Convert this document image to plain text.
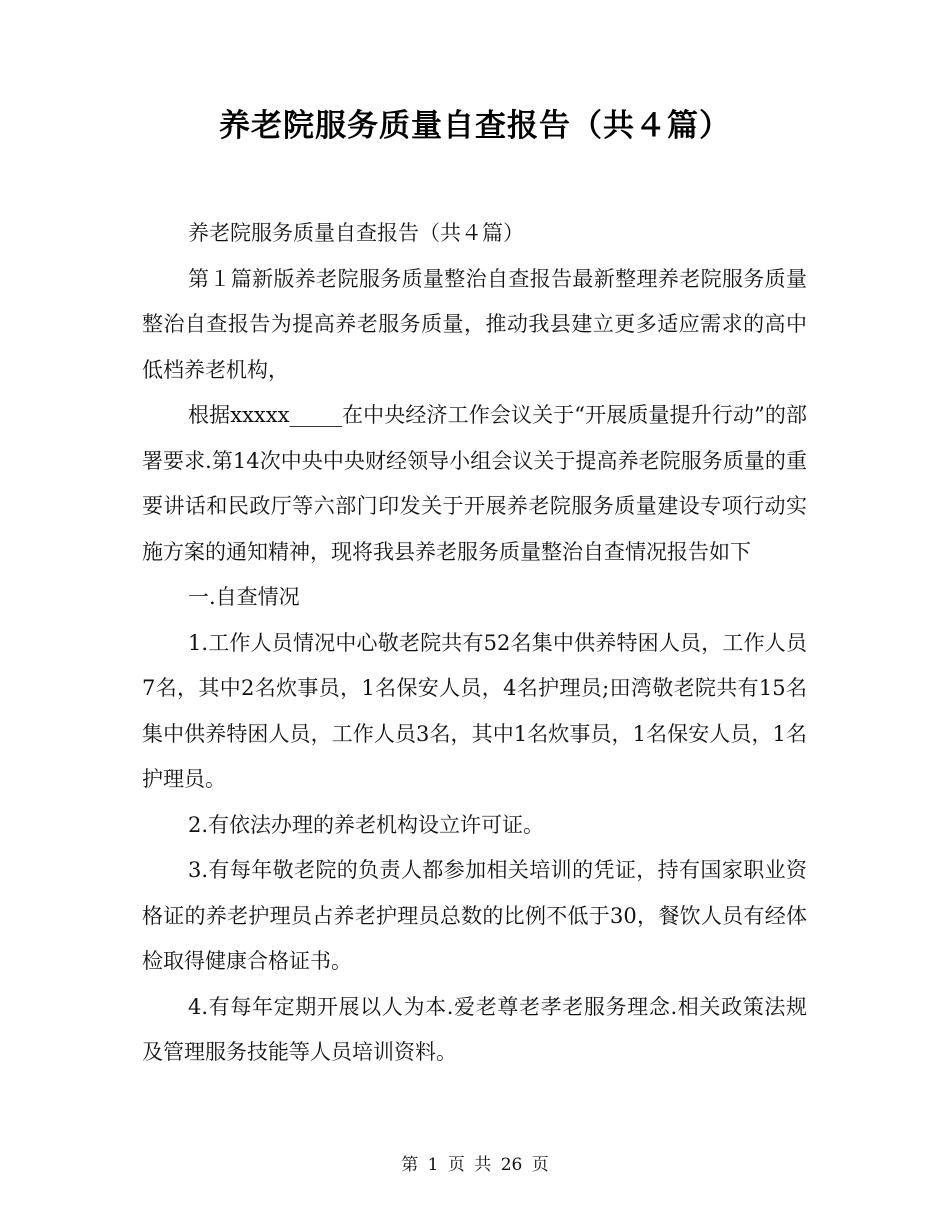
养老院服务质量自查报告（共４篇）

养老院服务质量自查报告（共４篇）

第１篇新版养老院服务质量整治自查报告最新整理养老院服务质量整治自查报告为提高养老服务质量，推动我县建立更多适应需求的高中低档养老机构，

根据xxxxx_____在中央经济工作会议关于“开展质量提升行动”的部署要求.第14次中央中央财经领导小组会议关于提高养老院服务质量的重要讲话和民政厅等六部门印发关于开展养老院服务质量建设专项行动实施方案的通知精神，现将我县养老服务质量整治自查情况报告如下

一.自查情况

1.工作人员情况中心敬老院共有52名集中供养特困人员，工作人员7名，其中2名炊事员，1名保安人员，4名护理员;田湾敬老院共有15名集中供养特困人员，工作人员3名，其中1名炊事员，1名保安人员，1名护理员。

2.有依法办理的养老机构设立许可证。

3.有每年敬老院的负责人都参加相关培训的凭证，持有国家职业资格证的养老护理员占养老护理员总数的比例不低于30，餐饮人员有经体检取得健康合格证书。

4.有每年定期开展以人为本.爱老尊老孝老服务理念.相关政策法规及管理服务技能等人员培训资料。

第 1 页 共 26 页
